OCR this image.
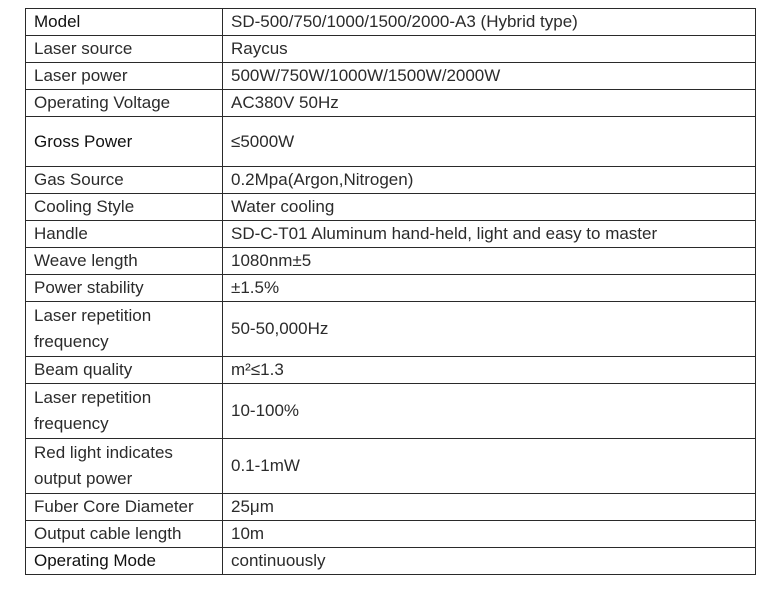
Model	SD-500/750/1000/1500/2000-A3 (Hybrid type)
Laser source	Raycus
Laser power	500W/750W/1000W/1500W/2000W
Operating Voltage	AC380V 50Hz
Gross Power	≤5000W
Gas Source	0.2Mpa(Argon,Nitrogen)
Cooling Style	Water cooling
Handle	SD-C-T01 Aluminum hand-held, light and easy to master
Weave length	1080nm±5
Power stability	±1.5%
Laser repetition frequency	50-50,000Hz
Beam quality	m²≤1.3
Laser repetition frequency	10-100%
Red light indicates output power	0.1-1mW
Fuber Core Diameter	25μm
Output cable length	10m
Operating Mode	continuously
